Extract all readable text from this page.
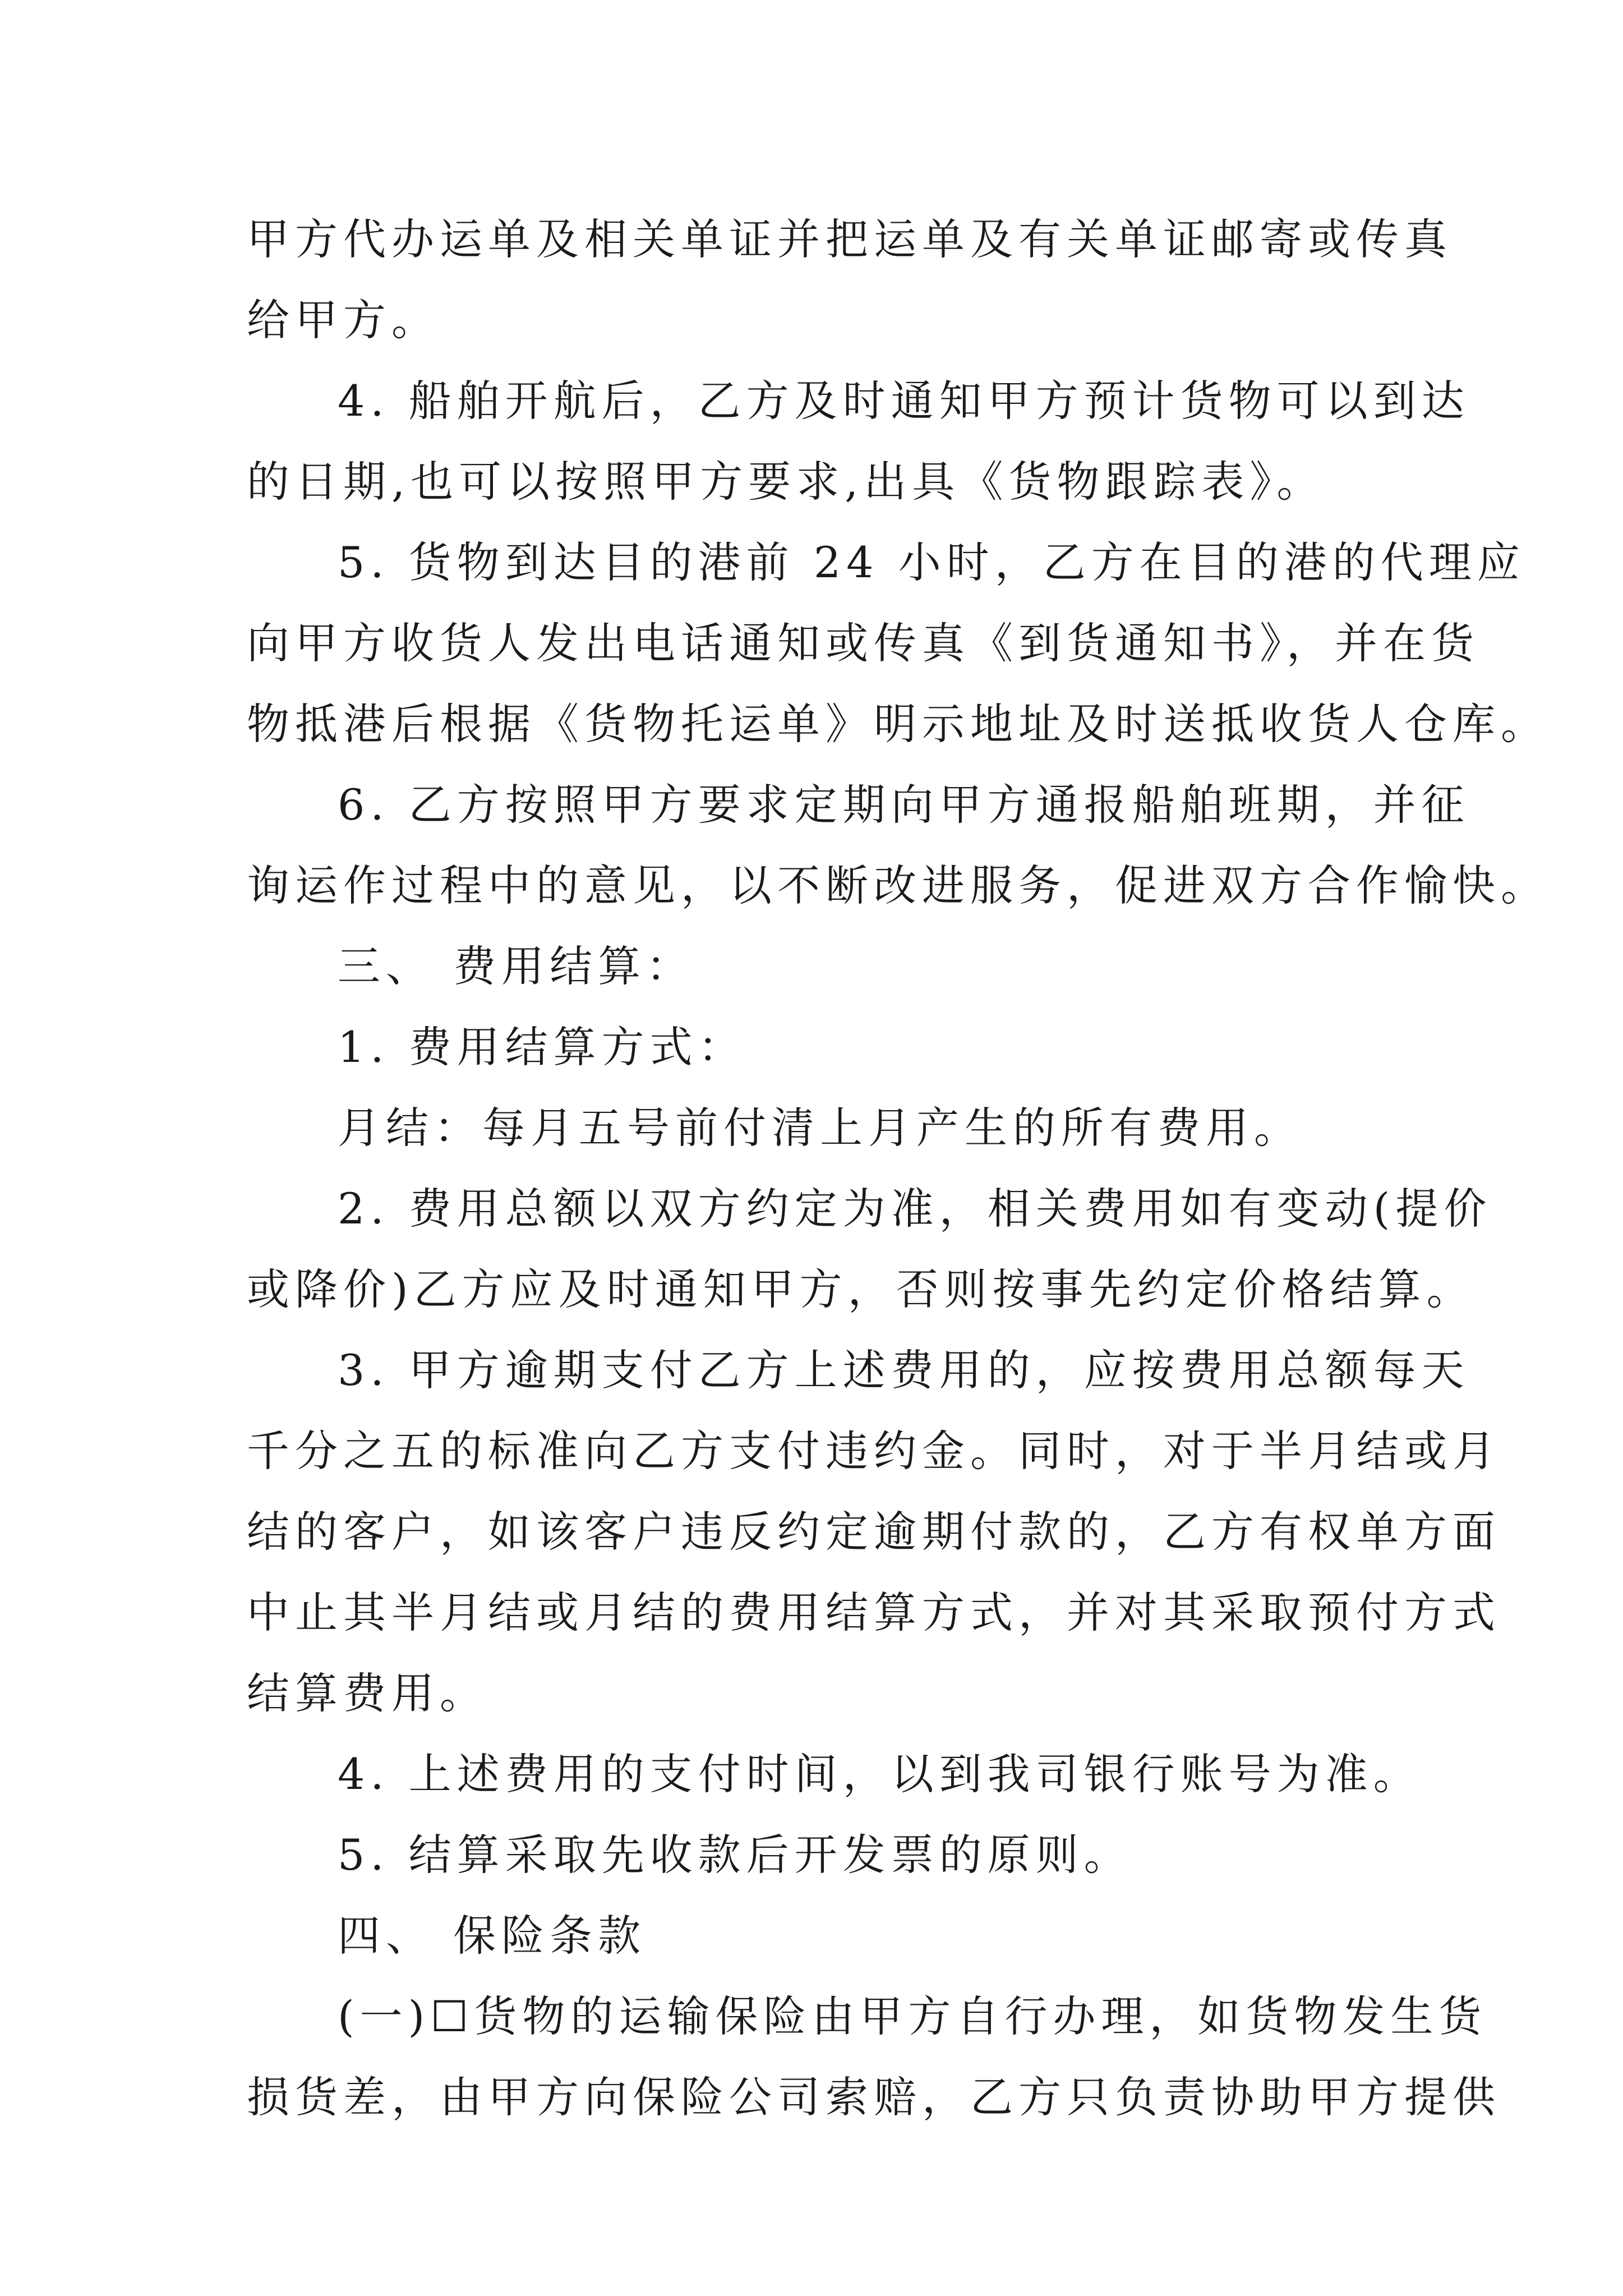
甲方代办运单及相关单证并把运单及有关单证邮寄或传真
给甲方。
4. 船舶开航后，乙方及时通知甲方预计货物可以到达
的日期,也可以按照甲方要求,出具《货物跟踪表》。
5. 货物到达目的港前 24 小时，乙方在目的港的代理应
向甲方收货人发出电话通知或传真《到货通知书》，并在货
物抵港后根据《货物托运单》明示地址及时送抵收货人仓库。
6. 乙方按照甲方要求定期向甲方通报船舶班期，并征
询运作过程中的意见，以不断改进服务，促进双方合作愉快。
三、 费用结算：
1. 费用结算方式：
月结：每月五号前付清上月产生的所有费用。
2. 费用总额以双方约定为准，相关费用如有变动(提价
或降价)乙方应及时通知甲方，否则按事先约定价格结算。
3. 甲方逾期支付乙方上述费用的，应按费用总额每天
千分之五的标准向乙方支付违约金。同时，对于半月结或月
结的客户，如该客户违反约定逾期付款的，乙方有权单方面
中止其半月结或月结的费用结算方式，并对其采取预付方式
结算费用。
4. 上述费用的支付时间，以到我司银行账号为准。
5. 结算采取先收款后开发票的原则。
四、 保险条款
(一)☐货物的运输保险由甲方自行办理，如货物发生货
损货差，由甲方向保险公司索赔，乙方只负责协助甲方提供
